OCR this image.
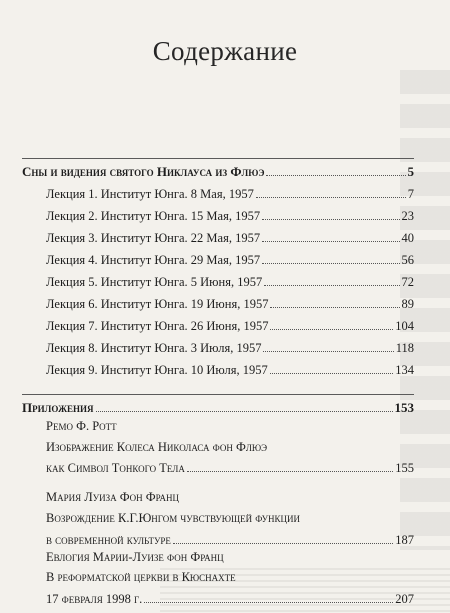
Содержание
Сны и видения святого Никлауса из Флюэ	5
Лекция 1. Институт Юнга. 8 Мая, 1957	7
Лекция 2. Институт Юнга. 15 Мая, 1957	23
Лекция 3. Институт Юнга. 22 Мая, 1957	40
Лекция 4. Институт Юнга. 29 Мая, 1957	56
Лекция 5. Институт Юнга. 5 Июня, 1957	72
Лекция 6. Институт Юнга. 19 Июня, 1957	89
Лекция 7. Институт Юнга. 26 Июня, 1957	104
Лекция 8. Институт Юнга. 3 Июля, 1957	118
Лекция 9. Институт Юнга. 10 Июля, 1957	134
Приложения	153
Ремо Ф. Ротт
Изображение Колеса Николаса фон Флюэ
как Символ Тонкого Тела	155
Мария Луиза Фон Франц
Возрождение К.Г.Юнгом чувствующей функции
в современной культуре	187
Евлогия Марии-Луизе фон Франц
В реформатской церкви в Кюснахте
17 февраля 1998 г.	207
